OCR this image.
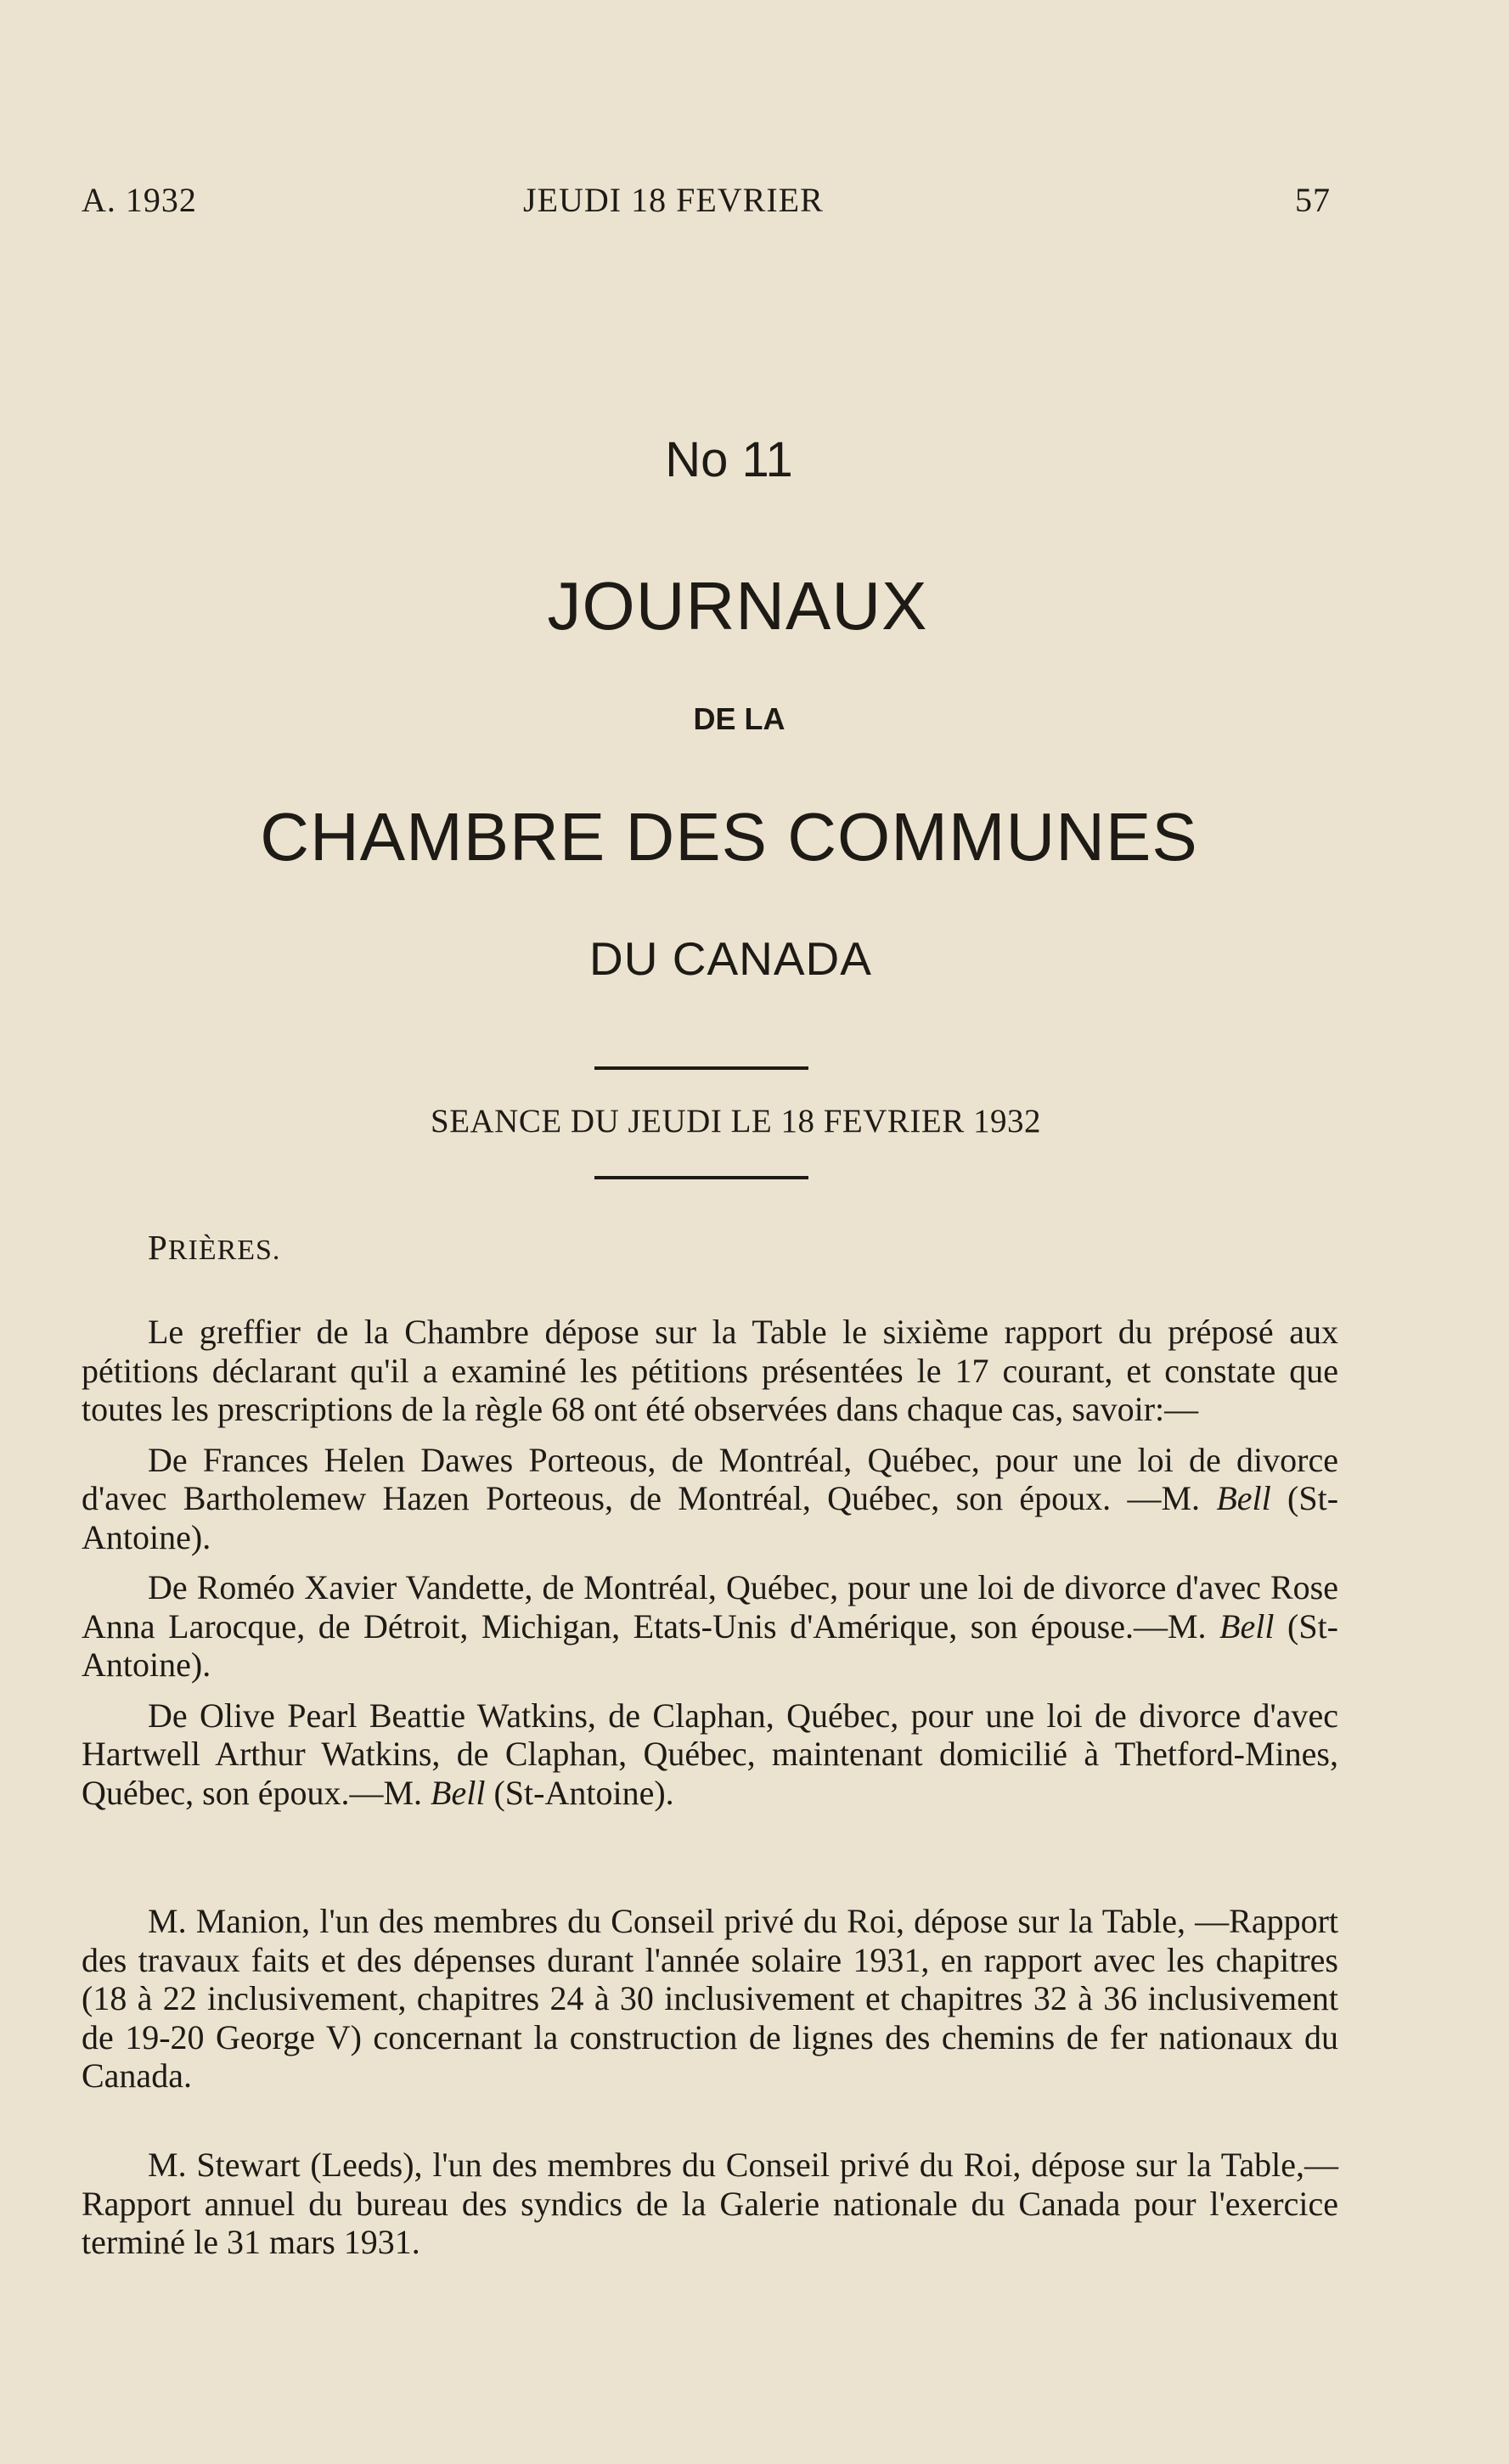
A. 1932	JEUDI 18 FEVRIER	57
No 11
JOURNAUX
DE LA
CHAMBRE DES COMMUNES
DU CANADA
SEANCE DU JEUDI LE 18 FEVRIER 1932
PRIÈRES.

Le greffier de la Chambre dépose sur la Table le sixième rapport du préposé aux pétitions déclarant qu'il a examiné les pétitions présentées le 17 courant, et constate que toutes les prescriptions de la règle 68 ont été observées dans chaque cas, savoir:—

De Frances Helen Dawes Porteous, de Montréal, Québec, pour une loi de divorce d'avec Bartholemew Hazen Porteous, de Montréal, Québec, son époux. —M. Bell (St-Antoine).

De Roméo Xavier Vandette, de Montréal, Québec, pour une loi de divorce d'avec Rose Anna Larocque, de Détroit, Michigan, Etats-Unis d'Amérique, son épouse.—M. Bell (St-Antoine).

De Olive Pearl Beattie Watkins, de Claphan, Québec, pour une loi de divorce d'avec Hartwell Arthur Watkins, de Claphan, Québec, maintenant domicilié à Thetford-Mines, Québec, son époux.—M. Bell (St-Antoine).

M. Manion, l'un des membres du Conseil privé du Roi, dépose sur la Table, —Rapport des travaux faits et des dépenses durant l'année solaire 1931, en rapport avec les chapitres (18 à 22 inclusivement, chapitres 24 à 30 inclusivement et chapitres 32 à 36 inclusivement de 19-20 George V) concernant la construction de lignes des chemins de fer nationaux du Canada.

M. Stewart (Leeds), l'un des membres du Conseil privé du Roi, dépose sur la Table,—Rapport annuel du bureau des syndics de la Galerie nationale du Canada pour l'exercice terminé le 31 mars 1931.
